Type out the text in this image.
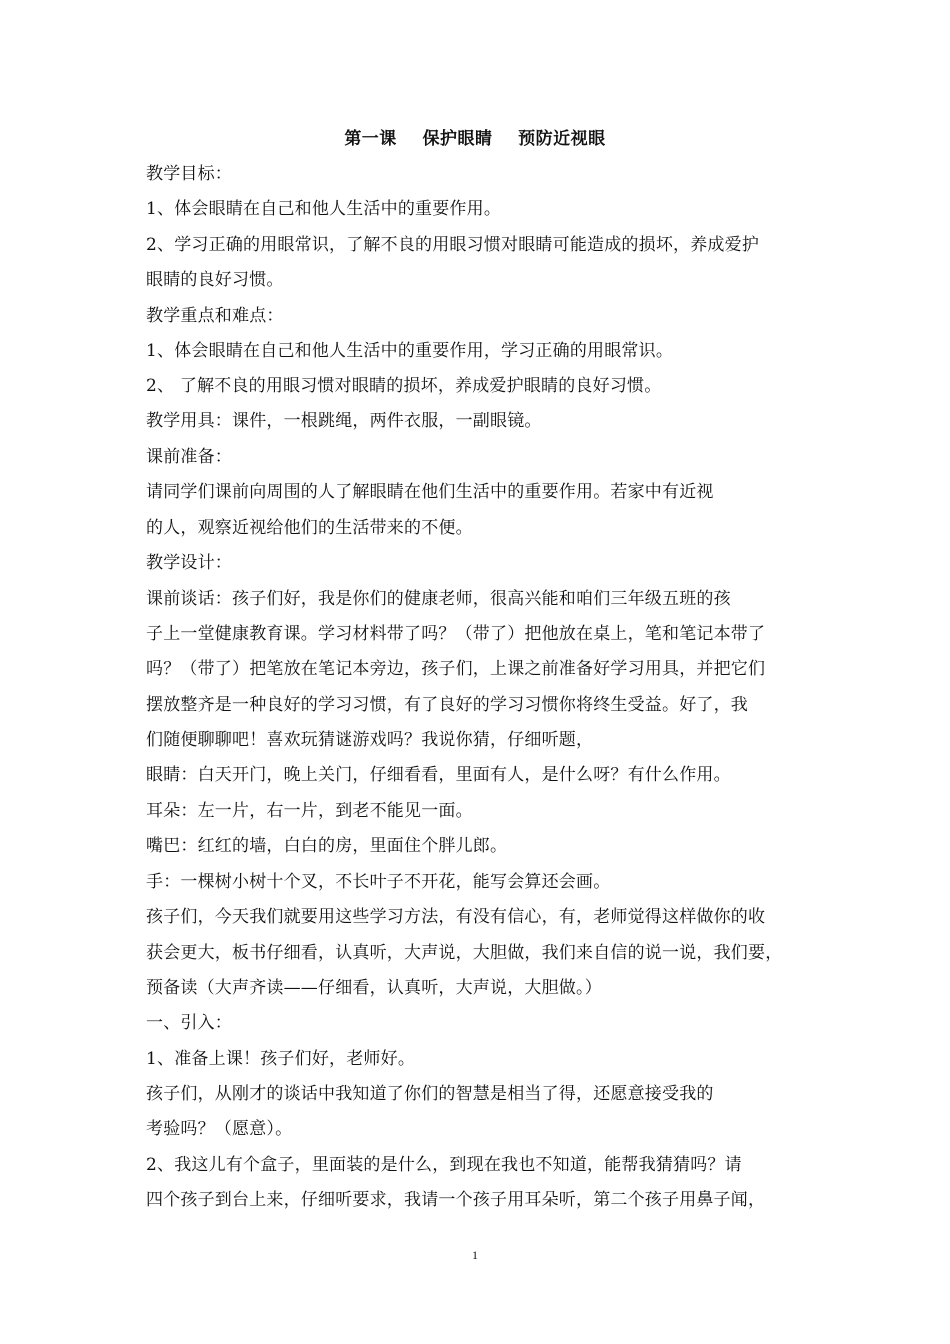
第一课    保护眼睛    预防近视眼
教学目标：
1、体会眼睛在自己和他人生活中的重要作用。
2、学习正确的用眼常识，了解不良的用眼习惯对眼睛可能造成的损坏，养成爱护
眼睛的良好习惯。
教学重点和难点：
1、体会眼睛在自己和他人生活中的重要作用，学习正确的用眼常识。
2、 了解不良的用眼习惯对眼睛的损坏，养成爱护眼睛的良好习惯。
教学用具：课件，一根跳绳，两件衣服，一副眼镜。
课前准备：
请同学们课前向周围的人了解眼睛在他们生活中的重要作用。若家中有近视
的人，观察近视给他们的生活带来的不便。
教学设计：
课前谈话：孩子们好，我是你们的健康老师，很高兴能和咱们三年级五班的孩
子上一堂健康教育课。学习材料带了吗？（带了）把他放在桌上，笔和笔记本带了
吗？（带了）把笔放在笔记本旁边，孩子们，上课之前准备好学习用具，并把它们
摆放整齐是一种良好的学习习惯，有了良好的学习习惯你将终生受益。好了，我
们随便聊聊吧！喜欢玩猜谜游戏吗？我说你猜，仔细听题，
眼睛：白天开门，晚上关门，仔细看看，里面有人，是什么呀？有什么作用。
耳朵：左一片，右一片，到老不能见一面。
嘴巴：红红的墙，白白的房，里面住个胖儿郎。
手：一棵树小树十个叉，不长叶子不开花，能写会算还会画。
孩子们，今天我们就要用这些学习方法，有没有信心，有，老师觉得这样做你的收
获会更大，板书仔细看，认真听，大声说，大胆做，我们来自信的说一说，我们要，
预备读（大声齐读——仔细看，认真听，大声说，大胆做。）
一、引入：
1、准备上课！孩子们好，老师好。
孩子们，从刚才的谈话中我知道了你们的智慧是相当了得，还愿意接受我的
考验吗？（愿意）。
2、我这儿有个盒子，里面装的是什么，到现在我也不知道，能帮我猜猜吗？请
四个孩子到台上来，仔细听要求，我请一个孩子用耳朵听，第二个孩子用鼻子闻，
1
